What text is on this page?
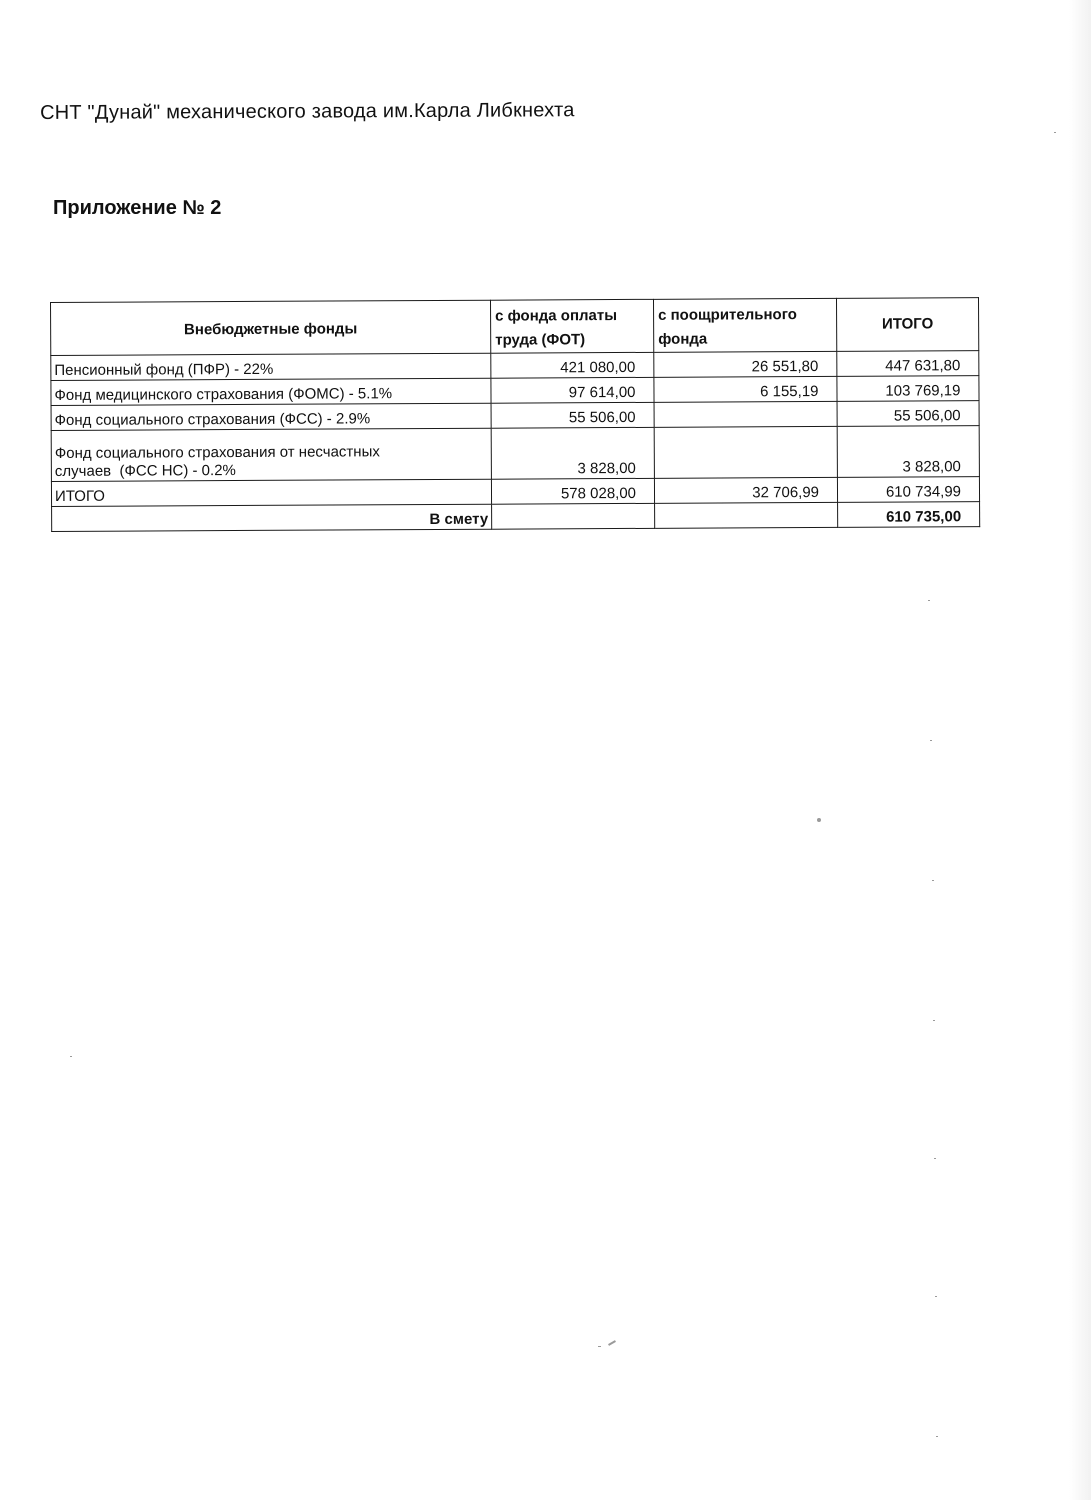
СНТ "Дунай" механического завода им.Карла Либкнехта
Приложение № 2
Внебюджетные фонды	с фонда оплаты труда (ФОТ)	с поощрительного фонда	ИТОГО
Пенсионный фонд (ПФР) - 22%	421 080,00	26 551,80	447 631,80
Фонд медицинского страхования (ФОМС) - 5.1%	97 614,00	6 155,19	103 769,19
Фонд социального страхования (ФСС) - 2.9%	55 506,00		55 506,00

Фонд социального страхования от несчастных
случаев  (ФСС НС) - 0.2%	3 828,00		3 828,00
ИТОГО	578 028,00	32 706,99	610 734,99
В смету			610 735,00
